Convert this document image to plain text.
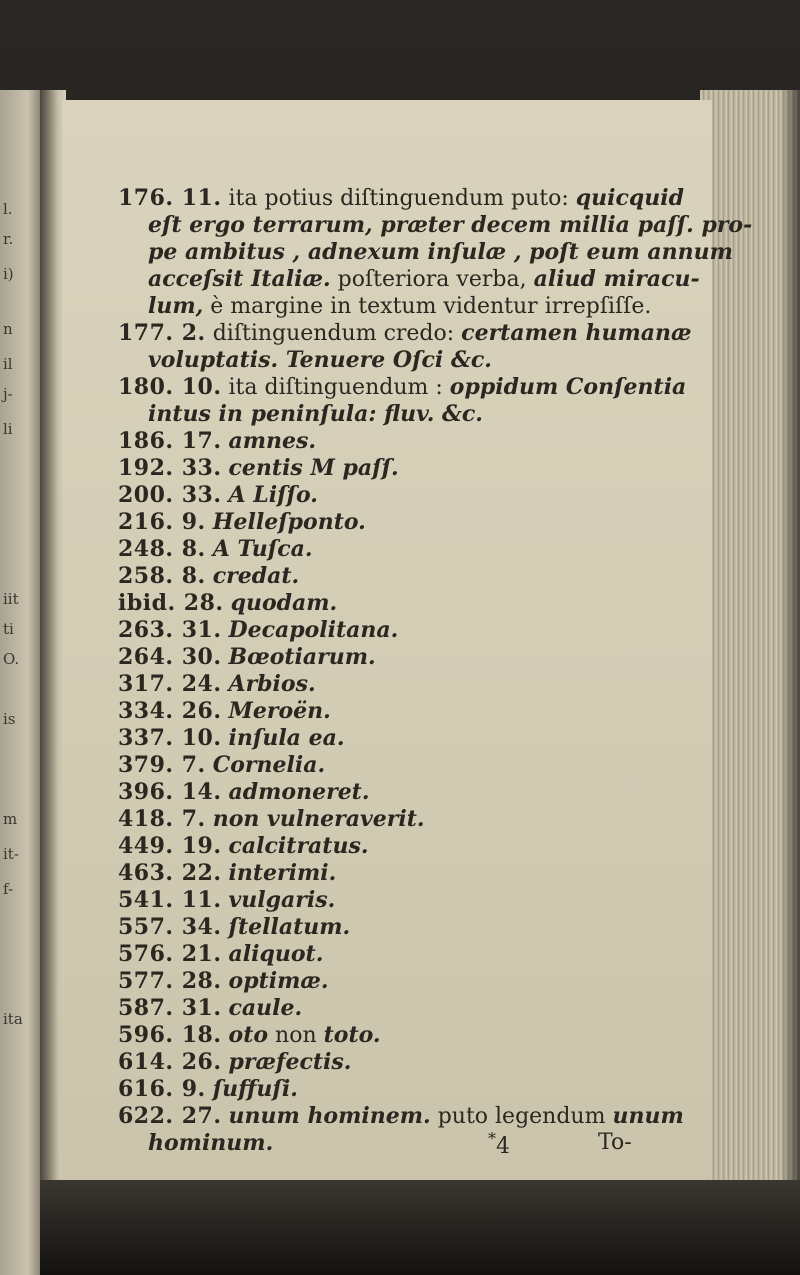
l.
r.
i)
n
il
j-
li
iit
ti
O.
is
m
it-
f-
ita
176. 11. ita potius diſtinguendum puto: quicquid
eſt ergo terrarum, præter decem millia paſſ. pro-
pe ambitus , adnexum inſulæ , poſt eum annum
acceſsit Italiæ. poſteriora verba, aliud miracu-
lum, è margine in textum videntur irrepſiſſe.
177. 2. diſtinguendum credo: certamen humanæ
voluptatis. Tenuere Oſci &c.
180. 10. ita diſtinguendum : oppidum Conſentia
intus in peninſula: fluv. &c.
186. 17. amnes.
192. 33. centis M paſſ.
200. 33. A Liſſo.
216. 9. Helleſponto.
248. 8. A Tuſca.
258. 8. credat.
ibid. 28. quodam.
263. 31. Decapolitana.
264. 30. Bœotiarum.
317. 24. Arbios.
334. 26. Meroën.
337. 10. inſula ea.
379. 7. Cornelia.
396. 14. admoneret.
418. 7. non vulneraverit.
449. 19. calcitratus.
463. 22. interimi.
541. 11. vulgaris.
557. 34. ſtellatum.
576. 21. aliquot.
577. 28. optimæ.
587. 31. caule.
596. 18. oto non toto.
614. 26. præfectis.
616. 9. ſuffuſi.
622. 27. unum hominem. puto legendum unum
hominum.	* 4	To-
